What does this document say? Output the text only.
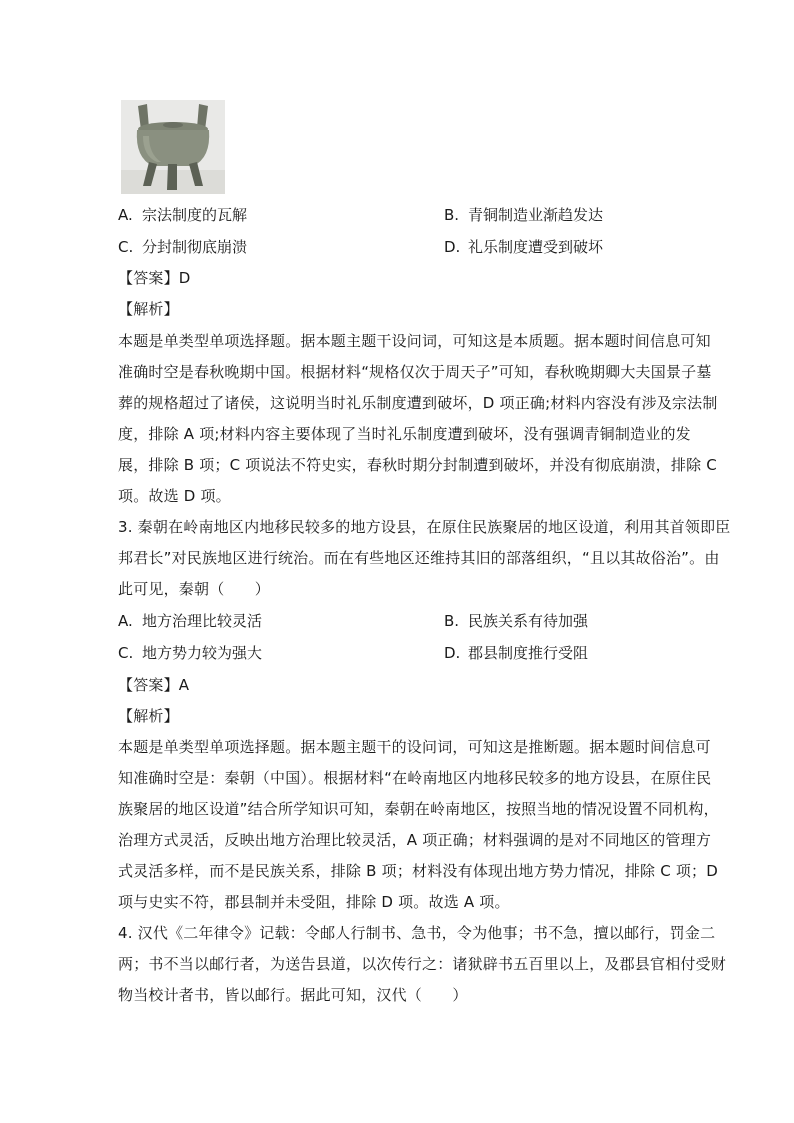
A. 宗法制度的瓦解	B. 青铜制造业渐趋发达
C. 分封制彻底崩溃	D. 礼乐制度遭受到破坏
【答案】D
【解析】
本题是单类型单项选择题。据本题主题干设问词，可知这是本质题。据本题时间信息可知
准确时空是春秋晚期中国。根据材料“规格仅次于周天子”可知，春秋晚期卿大夫国景子墓
葬的规格超过了诸侯，这说明当时礼乐制度遭到破坏，D 项正确;材料内容没有涉及宗法制
度，排除 A 项;材料内容主要体现了当时礼乐制度遭到破坏，没有强调青铜制造业的发
展，排除 B 项；C 项说法不符史实，春秋时期分封制遭到破坏，并没有彻底崩溃，排除 C
项。故选 D 项。
3. 秦朝在岭南地区内地移民较多的地方设县，在原住民族聚居的地区设道，利用其首领即臣
邦君长”对民族地区进行统治。而在有些地区还维持其旧的部落组织，“且以其故俗治”。由
此可见，秦朝（　　）
A. 地方治理比较灵活	B. 民族关系有待加强
C. 地方势力较为强大	D. 郡县制度推行受阻
【答案】A
【解析】
本题是单类型单项选择题。据本题主题干的设问词，可知这是推断题。据本题时间信息可
知准确时空是：秦朝（中国）。根据材料“在岭南地区内地移民较多的地方设县，在原住民
族聚居的地区设道”结合所学知识可知，秦朝在岭南地区，按照当地的情况设置不同机构，
治理方式灵活，反映出地方治理比较灵活，A 项正确；材料强调的是对不同地区的管理方
式灵活多样，而不是民族关系，排除 B 项；材料没有体现出地方势力情况，排除 C 项；D
项与史实不符，郡县制并未受阻，排除 D 项。故选 A 项。
4. 汉代《二年律令》记载：令邮人行制书、急书，令为他事；书不急，擅以邮行，罚金二
两；书不当以邮行者，为送告县道，以次传行之：诸狱辟书五百里以上，及郡县官相付受财
物当校计者书，皆以邮行。据此可知，汉代（　　）
